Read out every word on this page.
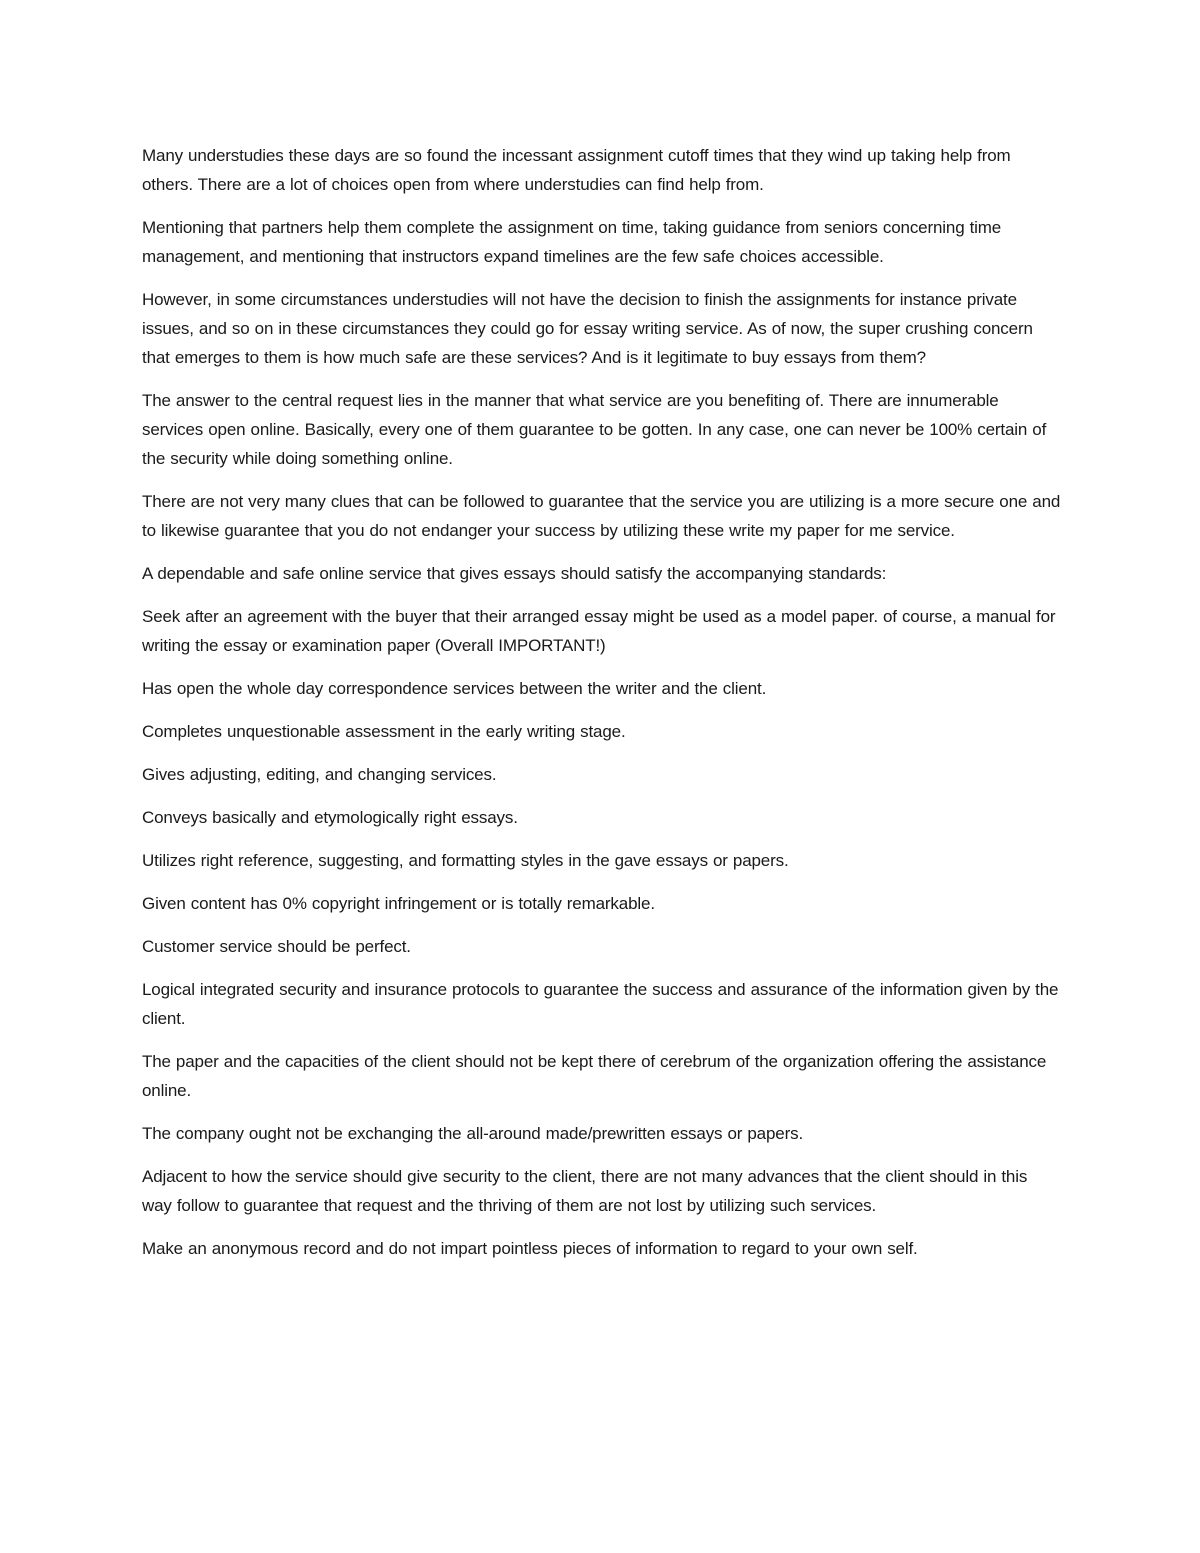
Many understudies these days are so found the incessant assignment cutoff times that they wind up taking help from others. There are a lot of choices open from where understudies can find help from.

Mentioning that partners help them complete the assignment on time, taking guidance from seniors concerning time management, and mentioning that instructors expand timelines are the few safe choices accessible.

However, in some circumstances understudies will not have the decision to finish the assignments for instance private issues, and so on in these circumstances they could go for essay writing service. As of now, the super crushing concern that emerges to them is how much safe are these services? And is it legitimate to buy essays from them?

The answer to the central request lies in the manner that what service are you benefiting of. There are innumerable services open online. Basically, every one of them guarantee to be gotten. In any case, one can never be 100% certain of the security while doing something online.

There are not very many clues that can be followed to guarantee that the service you are utilizing is a more secure one and to likewise guarantee that you do not endanger your success by utilizing these write my paper for me service.

A dependable and safe online service that gives essays should satisfy the accompanying standards:

Seek after an agreement with the buyer that their arranged essay might be used as a model paper. of course, a manual for writing the essay or examination paper (Overall IMPORTANT!)

Has open the whole day correspondence services between the writer and the client.

Completes unquestionable assessment in the early writing stage.

Gives adjusting, editing, and changing services.

Conveys basically and etymologically right essays.

Utilizes right reference, suggesting, and formatting styles in the gave essays or papers.

Given content has 0% copyright infringement or is totally remarkable.

Customer service should be perfect.

Logical integrated security and insurance protocols to guarantee the success and assurance of the information given by the client.

The paper and the capacities of the client should not be kept there of cerebrum of the organization offering the assistance online.

The company ought not be exchanging the all-around made/prewritten essays or papers.

Adjacent to how the service should give security to the client, there are not many advances that the client should in this way follow to guarantee that request and the thriving of them are not lost by utilizing such services.

Make an anonymous record and do not impart pointless pieces of information to regard to your own self.
